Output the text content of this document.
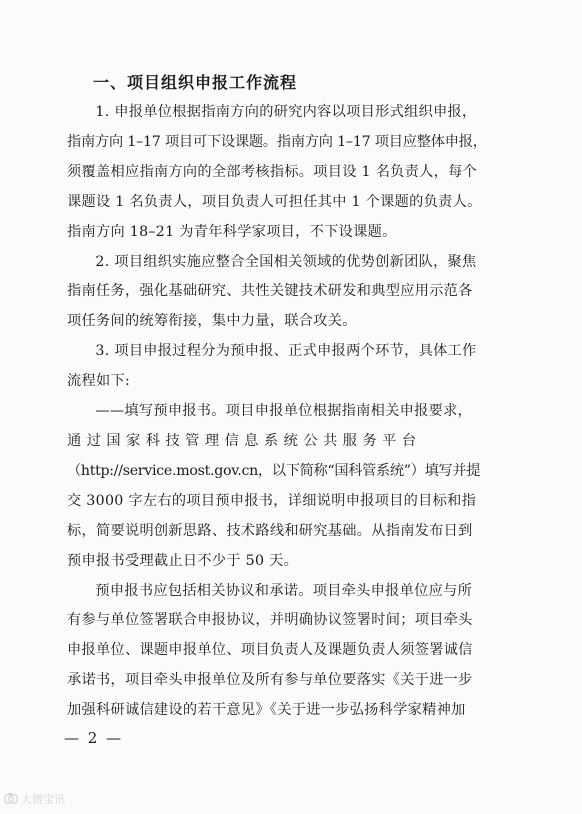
一、项目组织申报工作流程

1. 申报单位根据指南方向的研究内容以项目形式组织申报，
指南方向 1–17 项目可下设课题。指南方向 1–17 项目应整体申报，
须覆盖相应指南方向的全部考核指标。项目设 1 名负责人，每个
课题设 1 名负责人，项目负责人可担任其中 1 个课题的负责人。
指南方向 18–21 为青年科学家项目，不下设课题。

2. 项目组织实施应整合全国相关领域的优势创新团队，聚焦
指南任务，强化基础研究、共性关键技术研发和典型应用示范各
项任务间的统筹衔接，集中力量，联合攻关。

3. 项目申报过程分为预申报、正式申报两个环节，具体工作
流程如下:

——填写预申报书。项目申报单位根据指南相关申报要求，
通 过 国 家 科 技 管 理 信 息 系 统 公 共 服 务 平 台
（http://service.most.gov.cn，以下简称“国科管系统”）填写并提
交 3000 字左右的项目预申报书，详细说明申报项目的目标和指
标，简要说明创新思路、技术路线和研究基础。从指南发布日到
预申报书受理截止日不少于 50 天。

预申报书应包括相关协议和承诺。项目牵头申报单位应与所
有参与单位签署联合申报协议，并明确协议签署时间；项目牵头
申报单位、课题申报单位、项目负责人及课题负责人须签署诚信
承诺书，项目牵头申报单位及所有参与单位要落实《关于进一步
加强科研诚信建设的若干意见》《关于进一步弘扬科学家精神加

— 2 —
大微宝讯
